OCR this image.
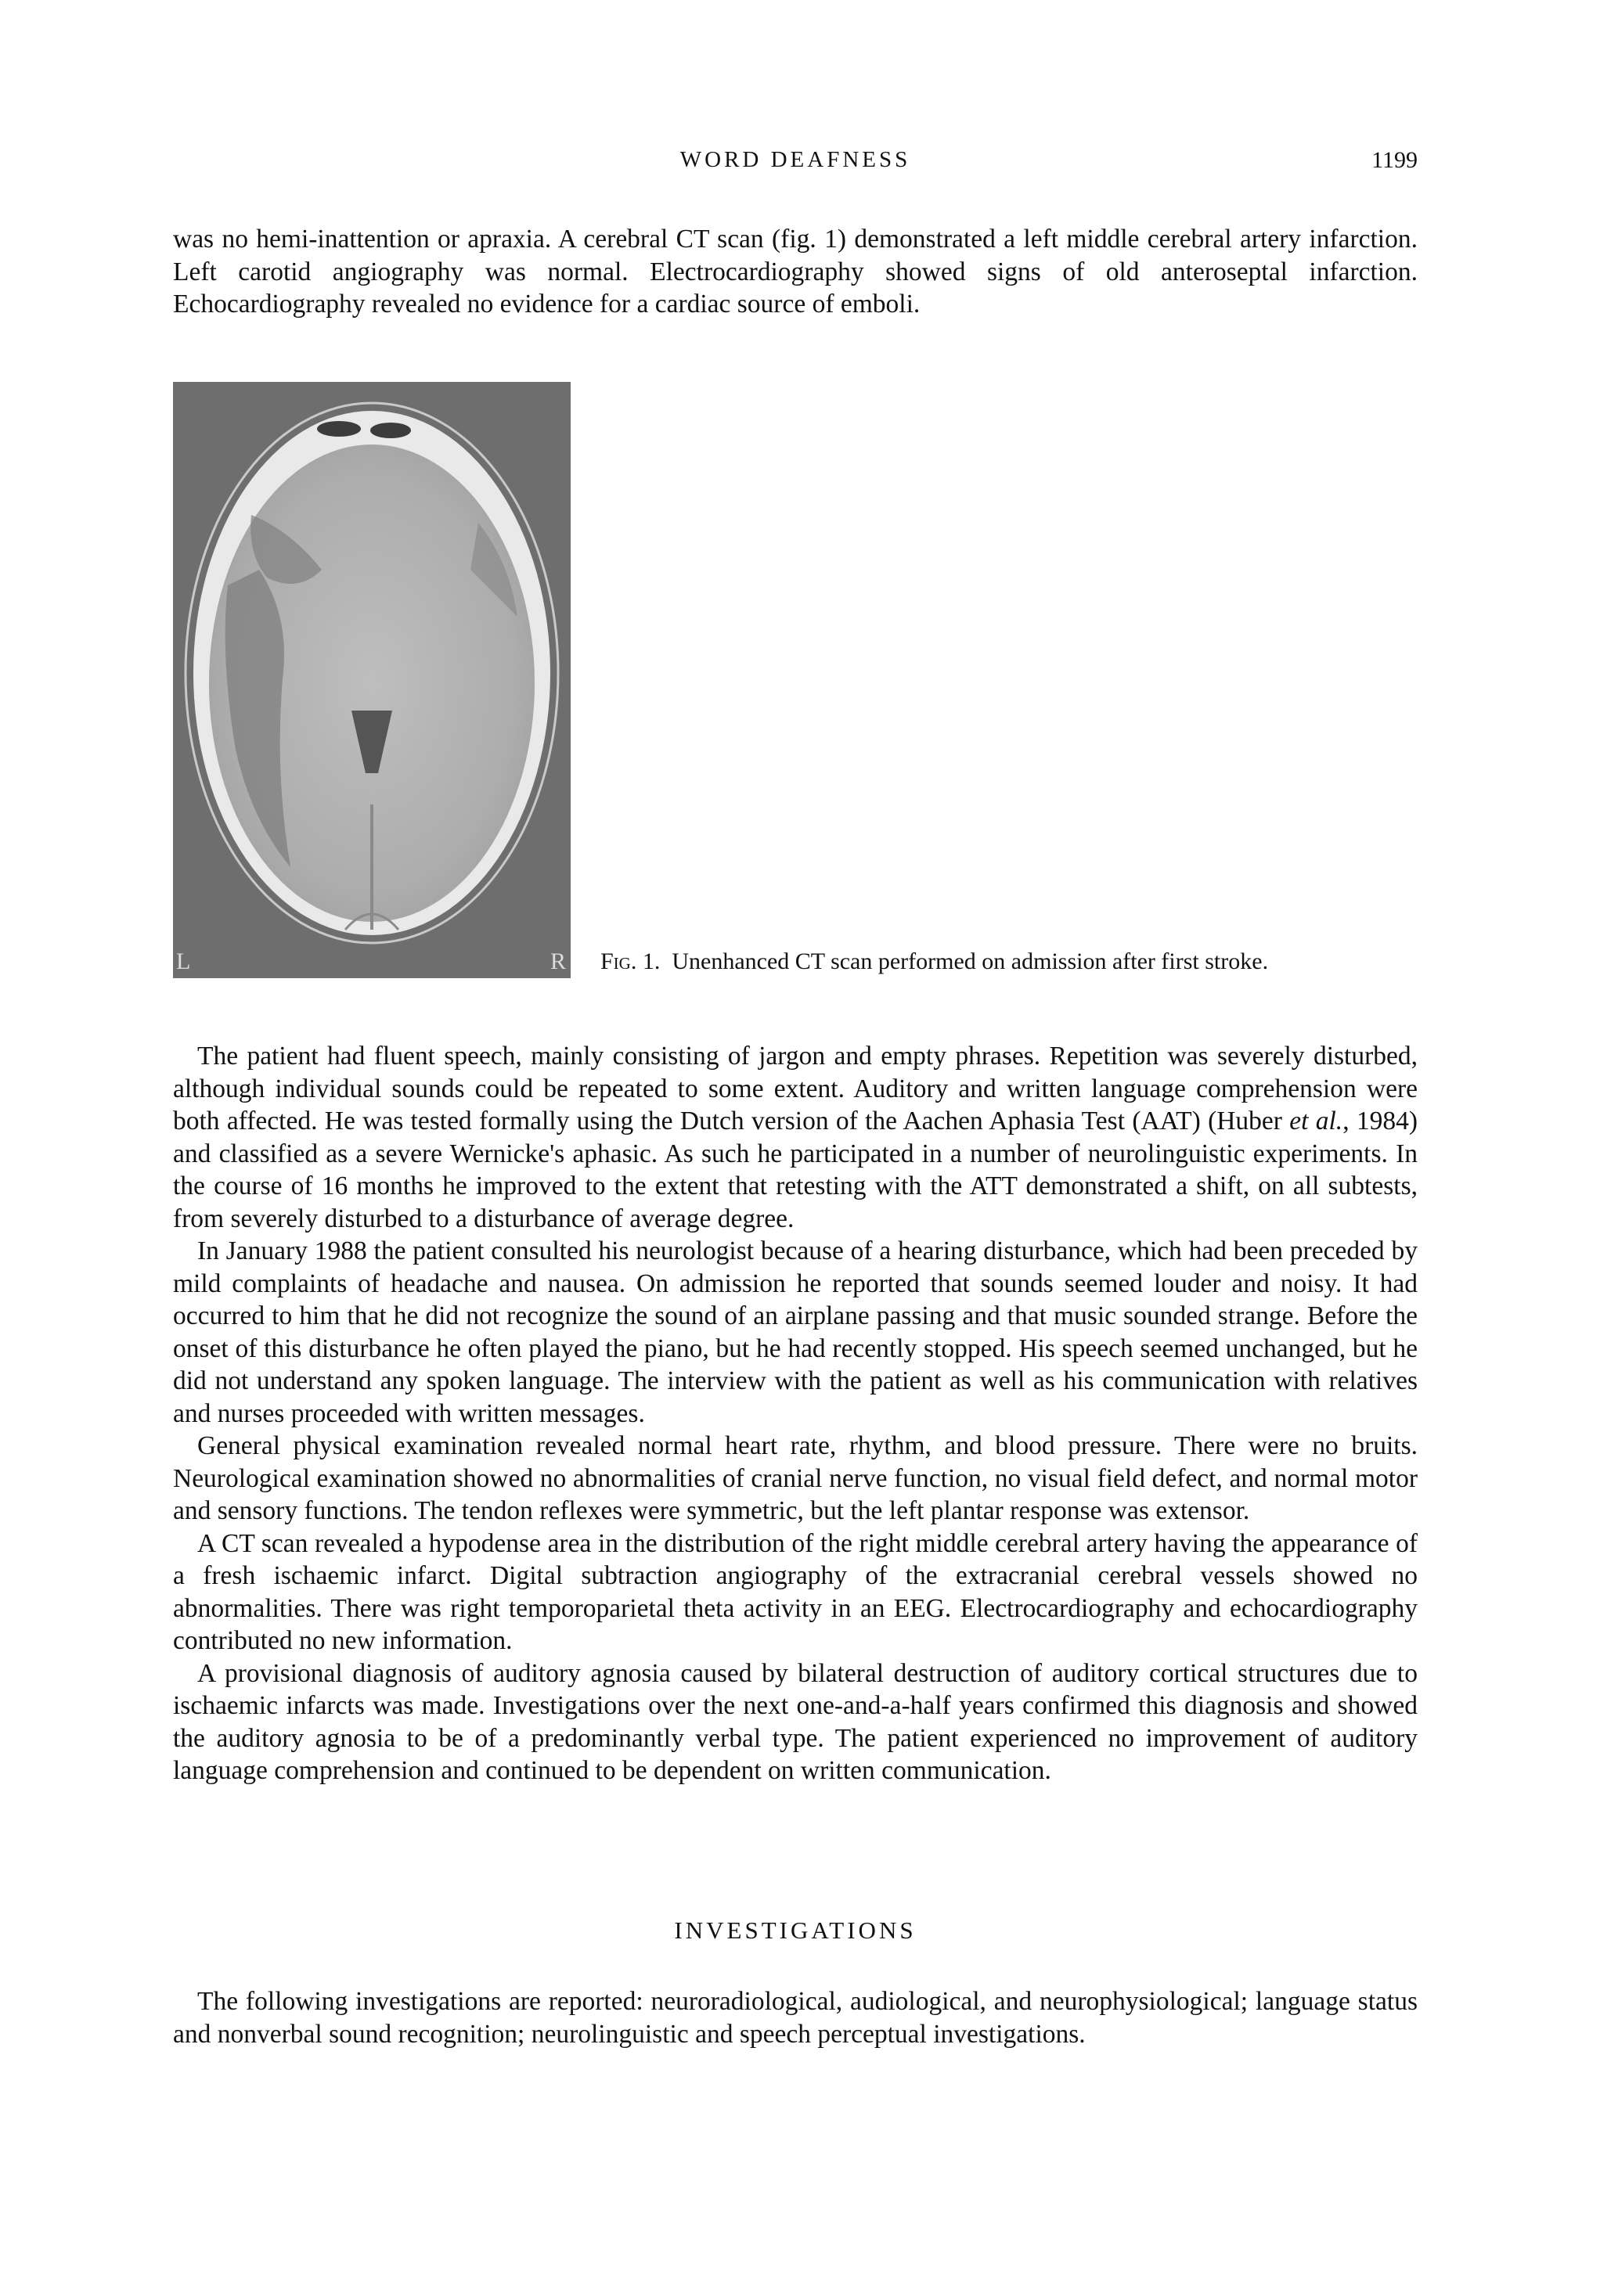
WORD DEAFNESS	1199

was no hemi-inattention or apraxia. A cerebral CT scan (fig. 1) demonstrated a left middle cerebral artery infarction. Left carotid angiography was normal. Electrocardiography showed signs of old anteroseptal infarction. Echocardiography revealed no evidence for a cardiac source of emboli.

L	R Fig. 1. Unenhanced CT scan performed on admission after first stroke.

The patient had fluent speech, mainly consisting of jargon and empty phrases. Repetition was severely disturbed, although individual sounds could be repeated to some extent. Auditory and written language comprehension were both affected. He was tested formally using the Dutch version of the Aachen Aphasia Test (AAT) (Huber et al., 1984) and classified as a severe Wernicke's aphasic. As such he participated in a number of neurolinguistic experiments. In the course of 16 months he improved to the extent that retesting with the ATT demonstrated a shift, on all subtests, from severely disturbed to a disturbance of average degree.

In January 1988 the patient consulted his neurologist because of a hearing disturbance, which had been preceded by mild complaints of headache and nausea. On admission he reported that sounds seemed louder and noisy. It had occurred to him that he did not recognize the sound of an airplane passing and that music sounded strange. Before the onset of this disturbance he often played the piano, but he had recently stopped. His speech seemed unchanged, but he did not understand any spoken language. The interview with the patient as well as his communication with relatives and nurses proceeded with written messages.

General physical examination revealed normal heart rate, rhythm, and blood pressure. There were no bruits. Neurological examination showed no abnormalities of cranial nerve function, no visual field defect, and normal motor and sensory functions. The tendon reflexes were symmetric, but the left plantar response was extensor.

A CT scan revealed a hypodense area in the distribution of the right middle cerebral artery having the appearance of a fresh ischaemic infarct. Digital subtraction angiography of the extracranial cerebral vessels showed no abnormalities. There was right temporoparietal theta activity in an EEG. Electrocardiography and echocardiography contributed no new information.

A provisional diagnosis of auditory agnosia caused by bilateral destruction of auditory cortical structures due to ischaemic infarcts was made. Investigations over the next one-and-a-half years confirmed this diagnosis and showed the auditory agnosia to be of a predominantly verbal type. The patient experienced no improvement of auditory language comprehension and continued to be dependent on written communication.

INVESTIGATIONS

The following investigations are reported: neuroradiological, audiological, and neurophysiological; language status and nonverbal sound recognition; neurolinguistic and speech perceptual investigations.
